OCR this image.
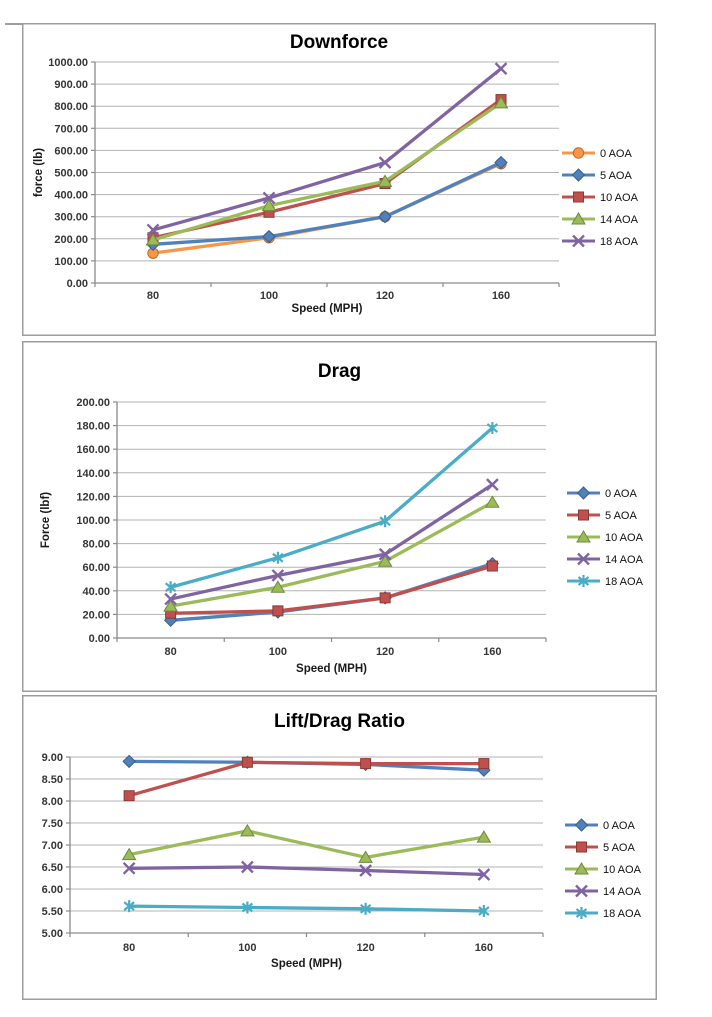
0.00
100.00
200.00
300.00
400.00
500.00
600.00
700.00
800.00
900.00
1000.00
80	100	120	160
Downforce
Speed (MPH)
force (lb)	0 AOA
5 AOA
10 AOA
14 AOA
18 AOA
0.00
20.00
40.00
60.00
80.00
100.00
120.00
140.00
160.00
180.00
200.00
80	100	120	160
Drag
Speed (MPH)
Force (lbf)	0 AOA
5 AOA
10 AOA
14 AOA
18 AOA
5.00
5.50
6.00
6.50
7.00
7.50
8.00
8.50
9.00
80	100	120	160
Lift/Drag Ratio
Speed (MPH)
0 AOA
5 AOA
10 AOA
14 AOA
18 AOA
